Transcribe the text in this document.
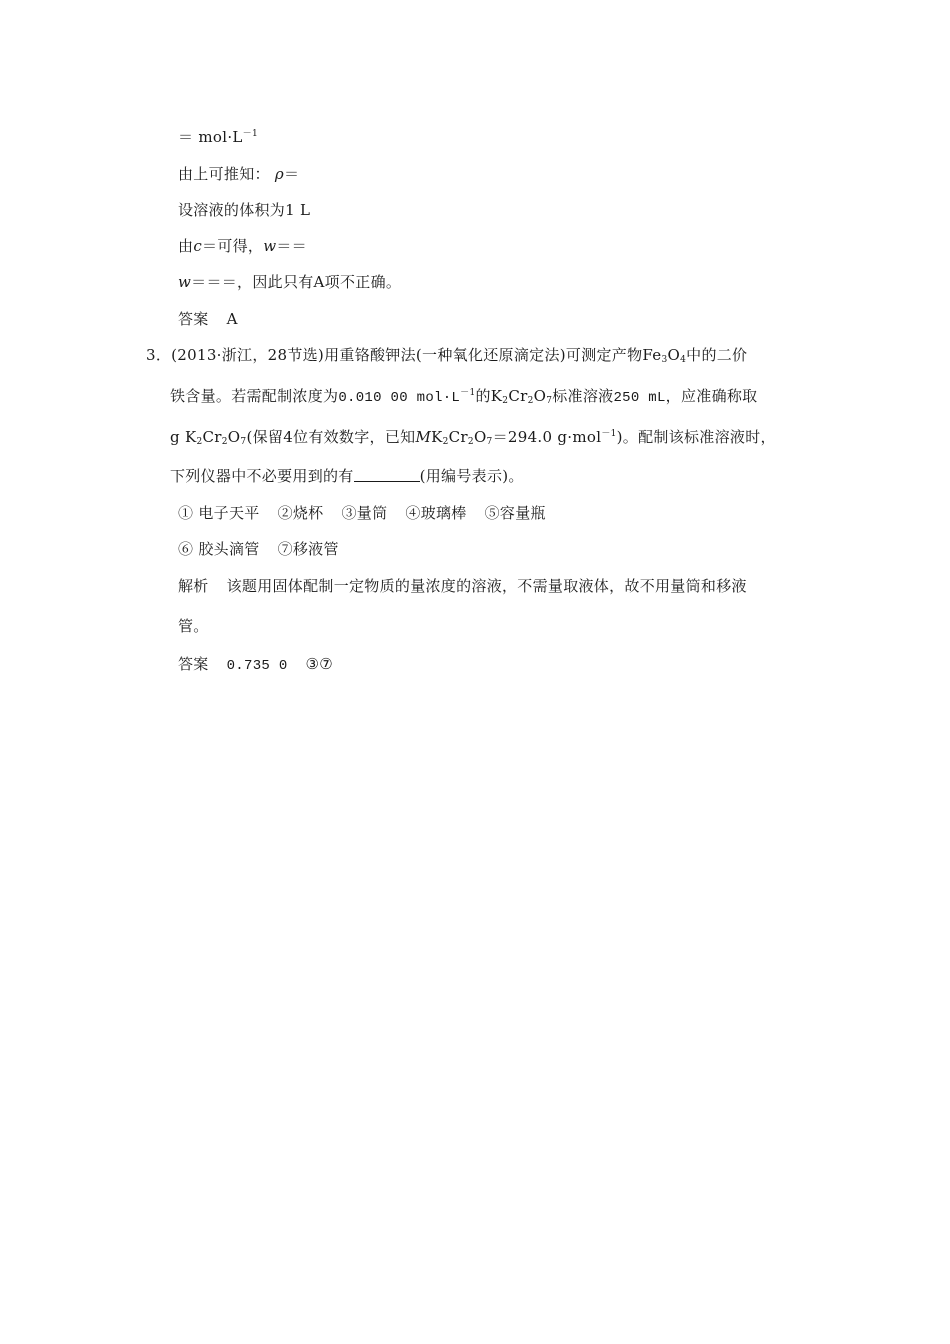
＝ $mol\cdot L^{-1}$
由上可推知： ρ＝
设溶液的体积为1 L
由c＝可得，w＝＝
w＝＝＝，因此只有A项不正确。
答案 A
3．(2013·浙江，28节选)用重铬酸钾法(一种氧化还原滴定法)可测定产物$Fe_3O_4$中的二价
铁含量。若需配制浓度为0.010 00 $mol\cdot L^{-1}$的$K_2Cr_2O_7$标准溶液250 mL，应准确称取
g $K_2Cr_2O_7$(保留4位有效数字，已知$MK_2Cr_2O_7=294.0$ g·mol$^{-1}$)。配制该标准溶液时，
下列仪器中不必要用到的有	(用编号表示)。
① 电子天平 ②烧杯 ③量筒 ④玻璃棒 ⑤容量瓶
⑥ 胶头滴管 ⑦移液管
解析 该题用固体配制一定物质的量浓度的溶液，不需量取液体，故不用量筒和移液
管。
答案 0.735 0 ③⑦
